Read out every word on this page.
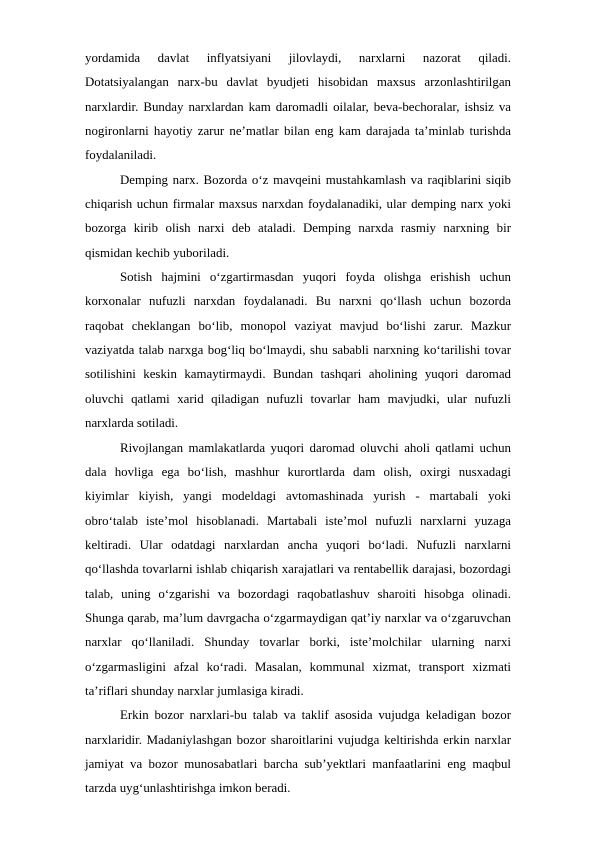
yordamida davlat inflyatsiyani jilovlaydi, narxlarni nazorat qiladi. Dotatsiyalangan narx-bu davlat byudjeti hisobidan maxsus arzonlashtirilgan narxlardir. Bunday narxlardan kam daromadli oilalar, beva-bechoralar, ishsiz va nogironlarni hayotiy zarur ne’matlar bilan eng kam darajada ta’minlab turishda foydalaniladi.

Demping narx. Bozorda o‘z mavqeini mustahkamlash va raqiblarini siqib chiqarish uchun firmalar maxsus narxdan foydalanadiki, ular demping narx yoki bozorga kirib olish narxi deb ataladi. Demping narxda rasmiy narxning bir qismidan kechib yuboriladi.

Sotish hajmini o‘zgartirmasdan yuqori foyda olishga erishish uchun korxonalar nufuzli narxdan foydalanadi. Bu narxni qo‘llash uchun bozorda raqobat cheklangan bo‘lib, monopol vaziyat mavjud bo‘lishi zarur. Mazkur vaziyatda talab narxga bog‘liq bo‘lmaydi, shu sababli narxning ko‘tarilishi tovar sotilishini keskin kamaytirmaydi. Bundan tashqari aholining yuqori daromad oluvchi qatlami xarid qiladigan nufuzli tovarlar ham mavjudki, ular nufuzli narxlarda sotiladi.

Rivojlangan mamlakatlarda yuqori daromad oluvchi aholi qatlami uchun dala hovliga ega bo‘lish, mashhur kurortlarda dam olish, oxirgi nusxadagi kiyimlar kiyish, yangi modeldagi avtomashinada yurish - martabali yoki obro‘talab iste’mol hisoblanadi. Martabali iste’mol nufuzli narxlarni yuzaga keltiradi. Ular odatdagi narxlardan ancha yuqori bo‘ladi. Nufuzli narxlarni qo‘llashda tovarlarni ishlab chiqarish xarajatlari va rentabellik darajasi, bozordagi talab, uning o‘zgarishi va bozordagi raqobatlashuv sharoiti hisobga olinadi. Shunga qarab, ma’lum davrgacha o‘zgarmaydigan qat’iy narxlar va o‘zgaruvchan narxlar qo‘llaniladi. Shunday tovarlar borki, iste’molchilar ularning narxi o‘zgarmasligini afzal ko‘radi. Masalan, kommunal xizmat, transport xizmati ta’riflari shunday narxlar jumlasiga kiradi.

Erkin bozor narxlari-bu talab va taklif asosida vujudga keladigan bozor narxlaridir. Madaniylashgan bozor sharoitlarini vujudga keltirishda erkin narxlar jamiyat va bozor munosabatlari barcha sub’yektlari manfaatlarini eng maqbul tarzda uyg‘unlashtirishga imkon beradi.
